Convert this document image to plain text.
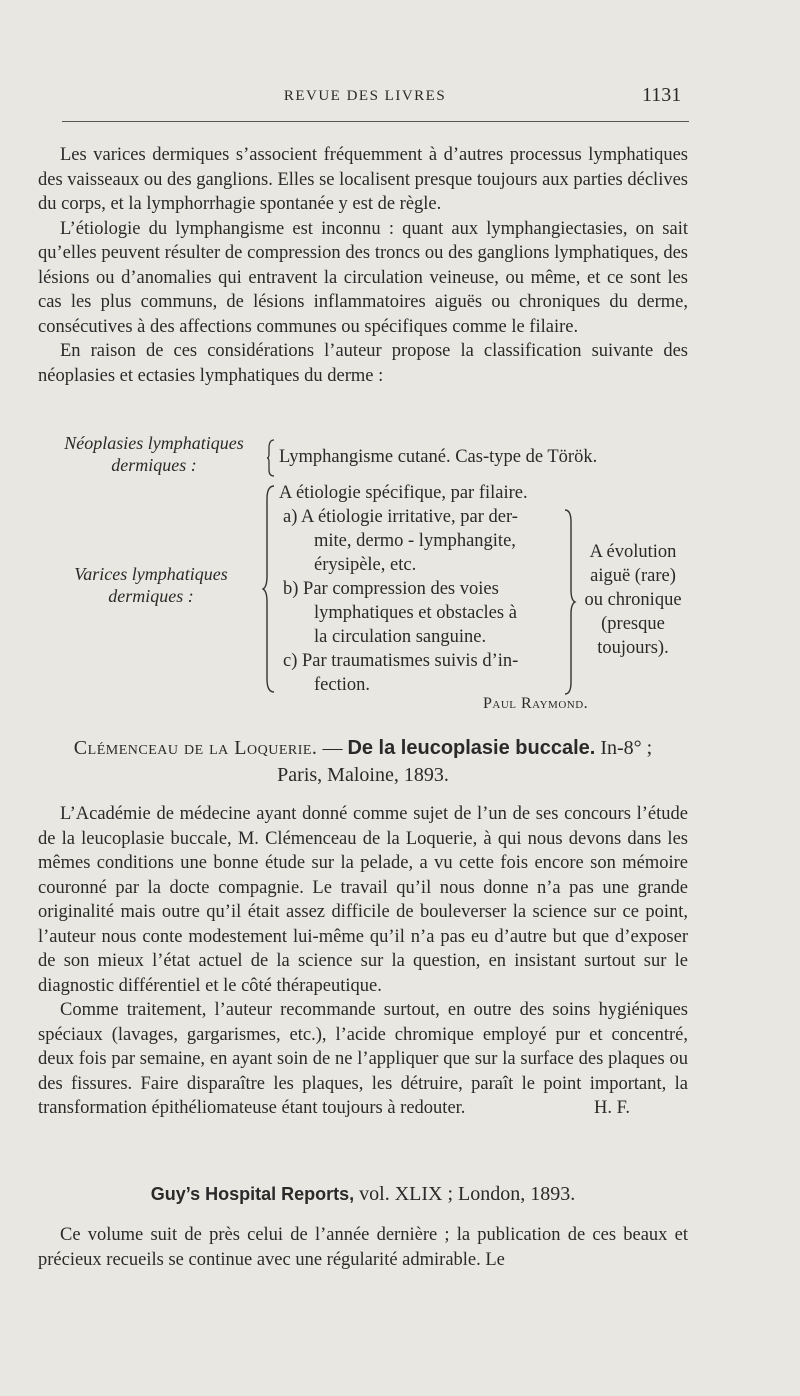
REVUE DES LIVRES	1131

Les varices dermiques s’associent fréquemment à d’autres processus lymphatiques des vaisseaux ou des ganglions. Elles se localisent presque toujours aux parties déclives du corps, et la lymphorrhagie spontanée y est de règle.

L’étiologie du lymphangisme est inconnu : quant aux lymphangiectasies, on sait qu’elles peuvent résulter de compression des troncs ou des ganglions lymphatiques, des lésions ou d’anomalies qui entravent la circulation veineuse, ou même, et ce sont les cas les plus communs, de lésions inflammatoires aiguës ou chroniques du derme, consécutives à des affections communes ou spécifiques comme le filaire.

En raison de ces considérations l’auteur propose la classification suivante des néoplasies et ectasies lymphatiques du derme :

Néoplasies lymphatiques
dermiques :	Lymphangisme cutané. Cas-type de Török.
Varices lymphatiques
dermiques :
A étiologie spécifique, par filaire.
a) A étiologie irritative, par der-
mite, dermo - lymphangite,
érysipèle, etc.
b) Par compression des voies
lymphatiques et obstacles à
la circulation sanguine.
c) Par traumatismes suivis d’in-
fection.
A évolution
aiguë (rare)
ou chronique
(presque
toujours).
Paul Raymond.
Clémenceau de la Loquerie. — De la leucoplasie buccale. In-8° ;
Paris, Maloine, 1893.

L’Académie de médecine ayant donné comme sujet de l’un de ses concours l’étude de la leucoplasie buccale, M. Clémenceau de la Loquerie, à qui nous devons dans les mêmes conditions une bonne étude sur la pelade, a vu cette fois encore son mémoire couronné par la docte compagnie. Le travail qu’il nous donne n’a pas une grande originalité mais outre qu’il était assez difficile de bouleverser la science sur ce point, l’auteur nous conte modestement lui-même qu’il n’a pas eu d’autre but que d’exposer de son mieux l’état actuel de la science sur la question, en insistant surtout sur le diagnostic différentiel et le côté thérapeutique.

Comme traitement, l’auteur recommande surtout, en outre des soins hygiéniques spéciaux (lavages, gargarismes, etc.), l’acide chromique employé pur et concentré, deux fois par semaine, en ayant soin de ne l’appliquer que sur la surface des plaques ou des fissures. Faire disparaître les plaques, les détruire, paraît le point important, la transformation épithéliomateuse étant toujours à redouter.	H. F.

Guy’s Hospital Reports, vol. XLIX ; London, 1893.

Ce volume suit de près celui de l’année dernière ; la publication de ces beaux et précieux recueils se continue avec une régularité admirable. Le
